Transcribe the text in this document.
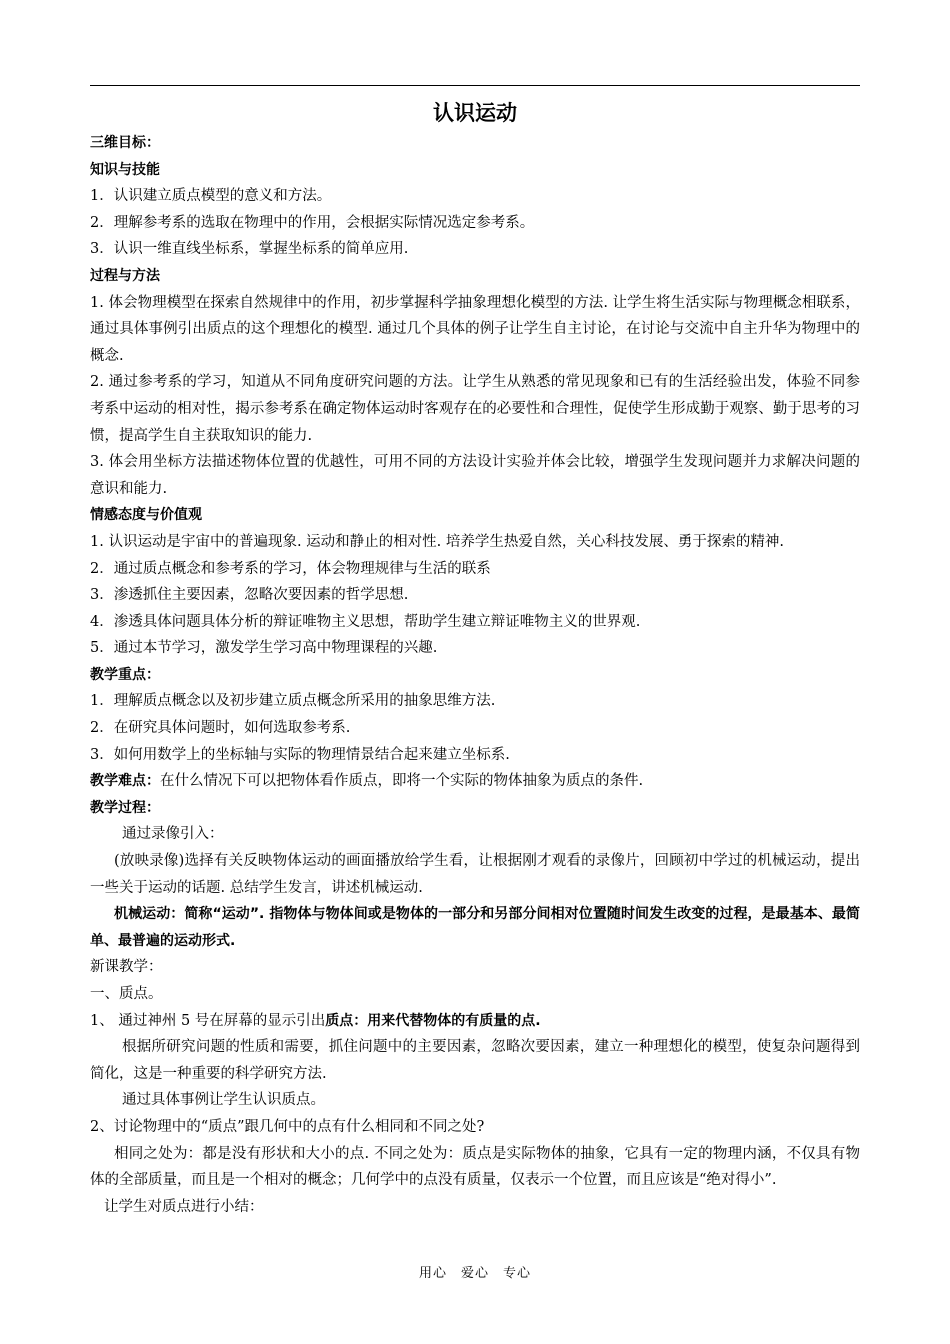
认识运动

三维目标：

知识与技能

1．认识建立质点模型的意义和方法。

2．理解参考系的选取在物理中的作用，会根据实际情况选定参考系。

3．认识一维直线坐标系，掌握坐标系的简单应用.

过程与方法

1. 体会物理模型在探索自然规律中的作用，初步掌握科学抽象理想化模型的方法. 让学生将生活实际与物理概念相联系，通过具体事例引出质点的这个理想化的模型. 通过几个具体的例子让学生自主讨论，在讨论与交流中自主升华为物理中的概念.

2. 通过参考系的学习，知道从不同角度研究问题的方法。让学生从熟悉的常见现象和已有的生活经验出发，体验不同参考系中运动的相对性，揭示参考系在确定物体运动时客观存在的必要性和合理性，促使学生形成勤于观察、勤于思考的习惯，提高学生自主获取知识的能力.

3. 体会用坐标方法描述物体位置的优越性，可用不同的方法设计实验并体会比较，增强学生发现问题并力求解决问题的意识和能力.

情感态度与价值观

1. 认识运动是宇宙中的普遍现象. 运动和静止的相对性. 培养学生热爱自然，关心科技发展、勇于探索的精神.

2．通过质点概念和参考系的学习，体会物理规律与生活的联系

3．渗透抓住主要因素，忽略次要因素的哲学思想.

4．渗透具体问题具体分析的辩证唯物主义思想，帮助学生建立辩证唯物主义的世界观.

5．通过本节学习，激发学生学习高中物理课程的兴趣.

教学重点：

1．理解质点概念以及初步建立质点概念所采用的抽象思维方法.

2．在研究具体问题时，如何选取参考系.

3．如何用数学上的坐标轴与实际的物理情景结合起来建立坐标系.

教学难点：在什么情况下可以把物体看作质点，即将一个实际的物体抽象为质点的条件.

教学过程：

通过录像引入：

(放映录像)选择有关反映物体运动的画面播放给学生看，让根据刚才观看的录像片，回顾初中学过的机械运动，提出一些关于运动的话题. 总结学生发言，讲述机械运动.

机械运动：简称“运动”. 指物体与物体间或是物体的一部分和另部分间相对位置随时间发生改变的过程，是最基本、最简单、最普遍的运动形式.

新课教学：

一、质点。

1、 通过神州 5 号在屏幕的显示引出质点：用来代替物体的有质量的点.

根据所研究问题的性质和需要，抓住问题中的主要因素，忽略次要因素，建立一种理想化的模型，使复杂问题得到简化，这是一种重要的科学研究方法.

通过具体事例让学生认识质点。

2、讨论物理中的“质点”跟几何中的点有什么相同和不同之处?

相同之处为：都是没有形状和大小的点. 不同之处为：质点是实际物体的抽象，它具有一定的物理内涵，不仅具有物体的全部质量，而且是一个相对的概念；几何学中的点没有质量，仅表示一个位置，而且应该是“绝对得小”.

让学生对质点进行小结：

用心　爱心　专心
